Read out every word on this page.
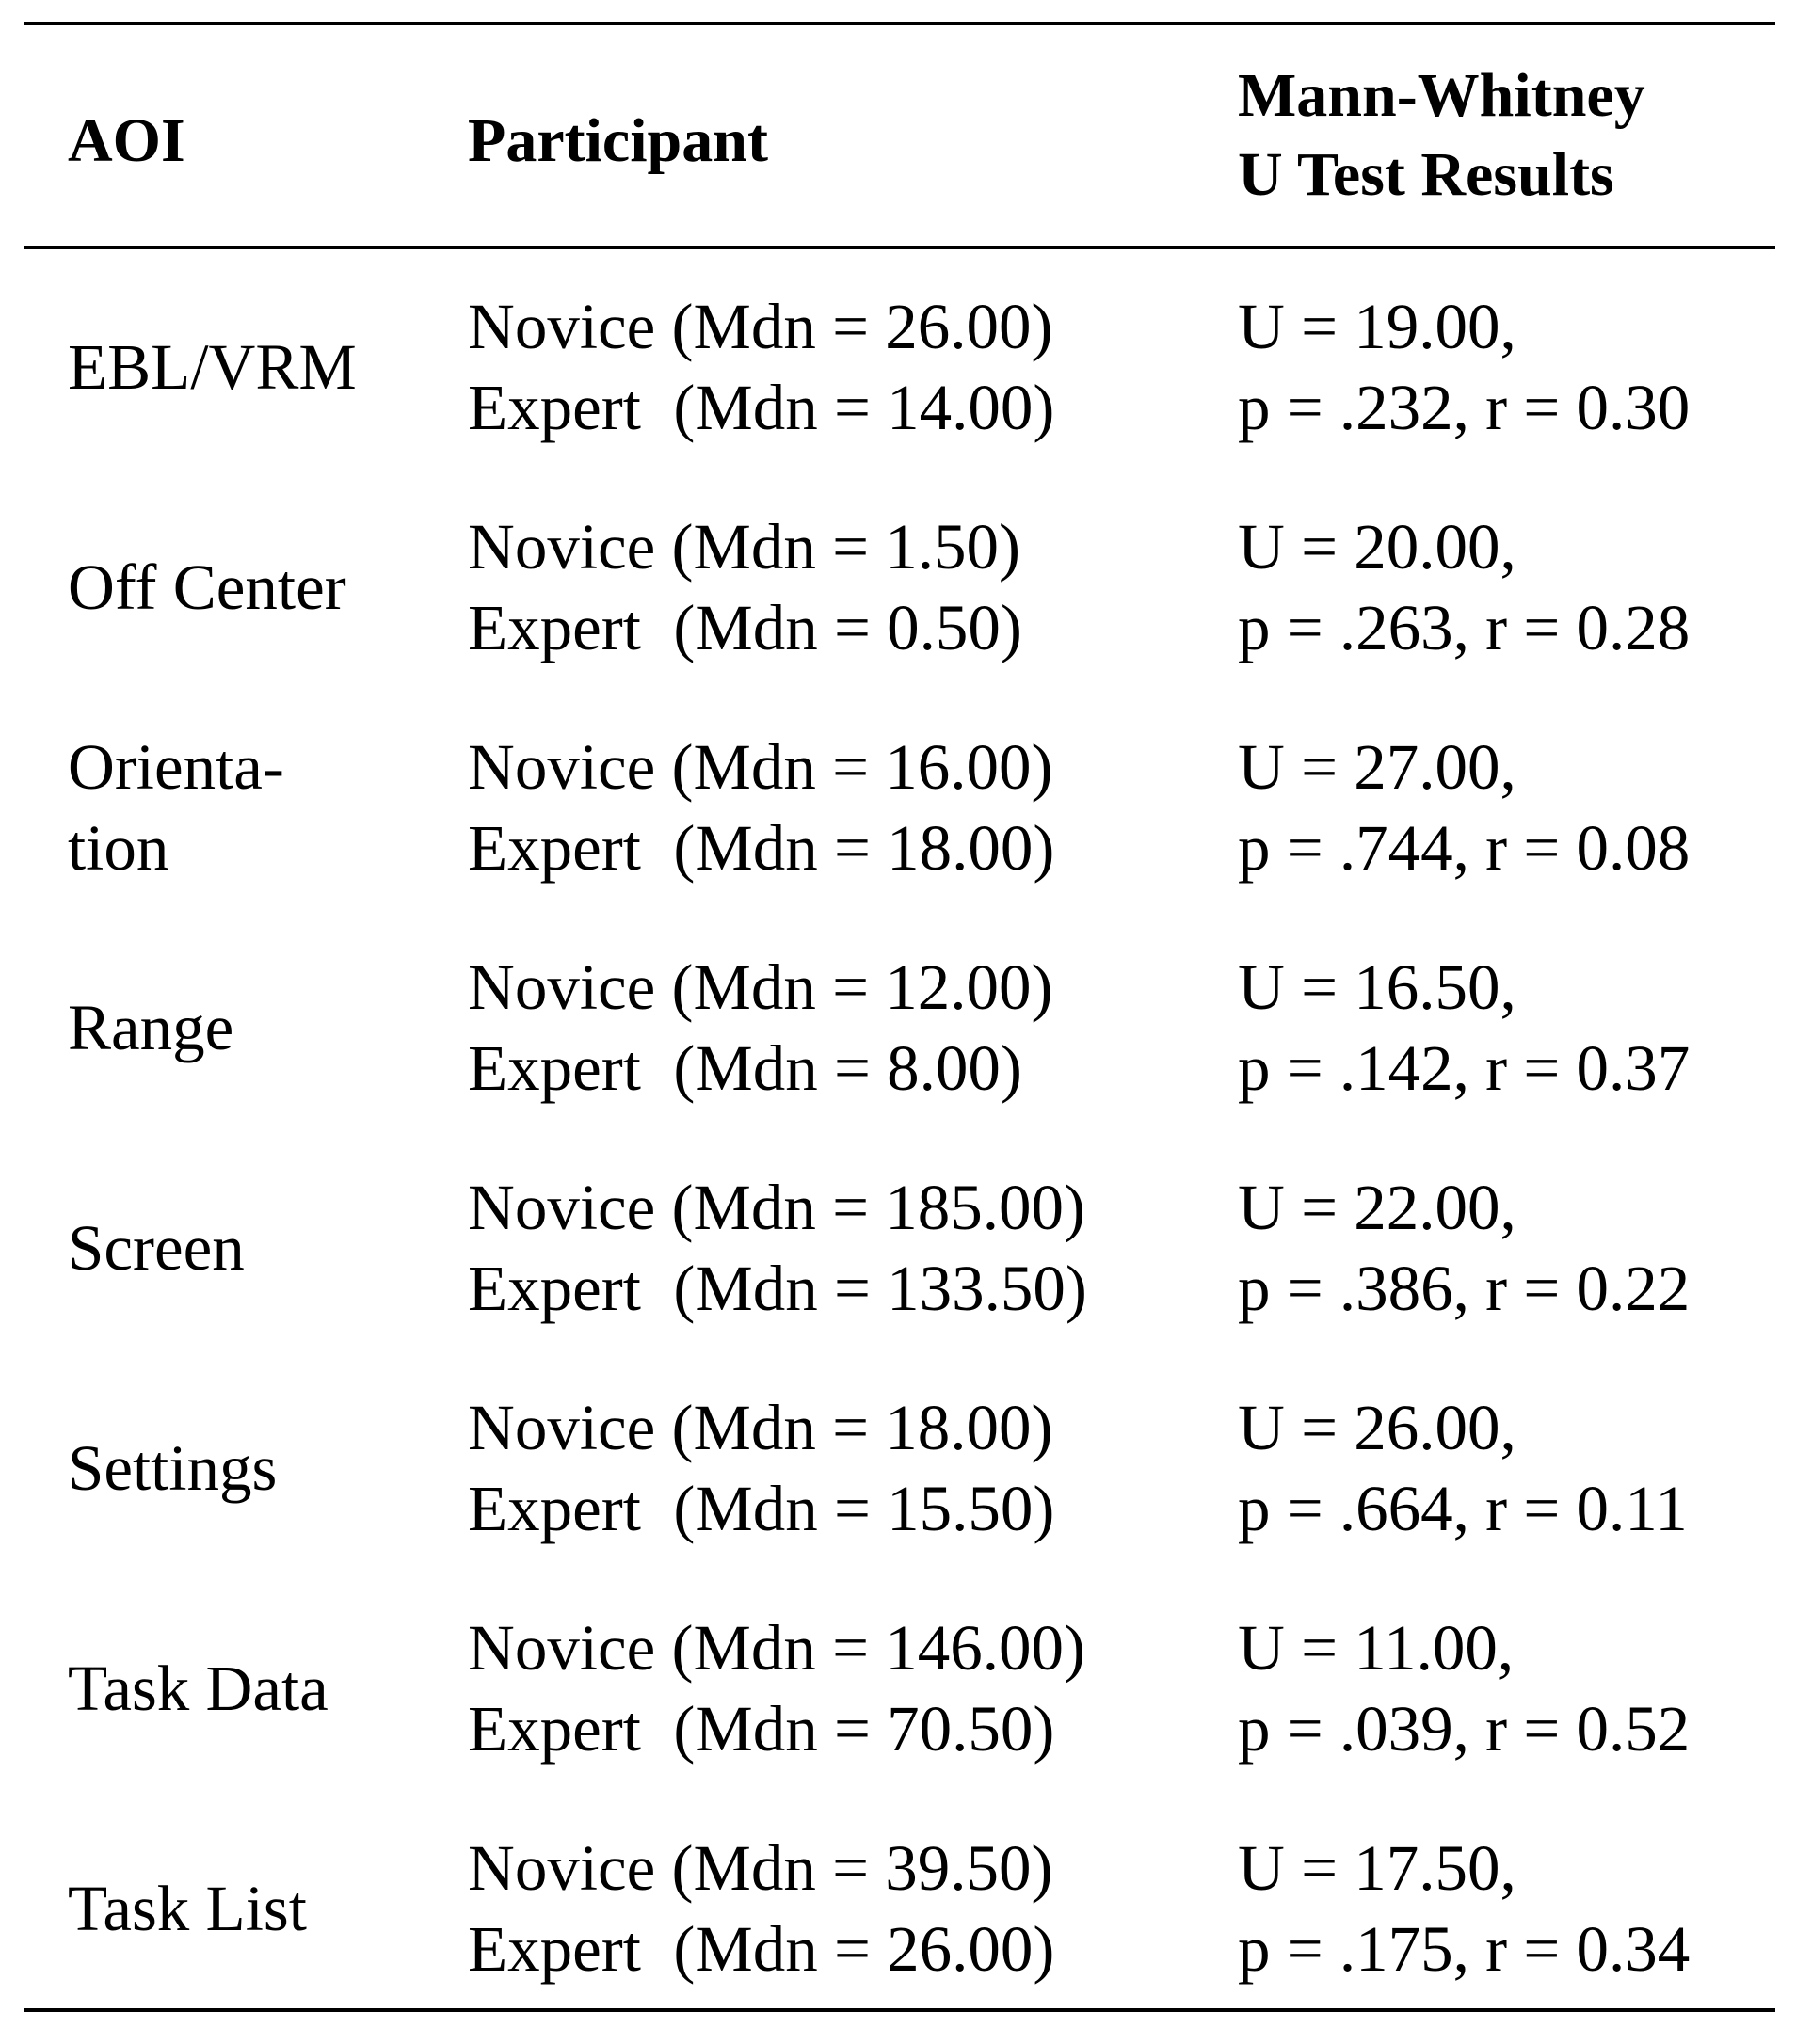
AOI	Participant
Mann-Whitney
U Test Results
EBL/VRM
Novice (Mdn = 26.00)
Expert  (Mdn = 14.00)
U = 19.00,
p = .232, r = 0.30
Off Center
Novice (Mdn = 1.50)
Expert  (Mdn = 0.50)
U = 20.00,
p = .263, r = 0.28
Orienta-
tion
Novice (Mdn = 16.00)
Expert  (Mdn = 18.00)
U = 27.00,
p = .744, r = 0.08
Range
Novice (Mdn = 12.00)
Expert  (Mdn = 8.00)
U = 16.50,
p = .142, r = 0.37
Screen
Novice (Mdn = 185.00)
Expert  (Mdn = 133.50)
U = 22.00,
p = .386, r = 0.22
Settings
Novice (Mdn = 18.00)
Expert  (Mdn = 15.50)
U = 26.00,
p = .664, r = 0.11
Task Data
Novice (Mdn = 146.00)
Expert  (Mdn = 70.50)
U = 11.00,
p = .039, r = 0.52
Task List
Novice (Mdn = 39.50)
Expert  (Mdn = 26.00)
U = 17.50,
p = .175, r = 0.34
